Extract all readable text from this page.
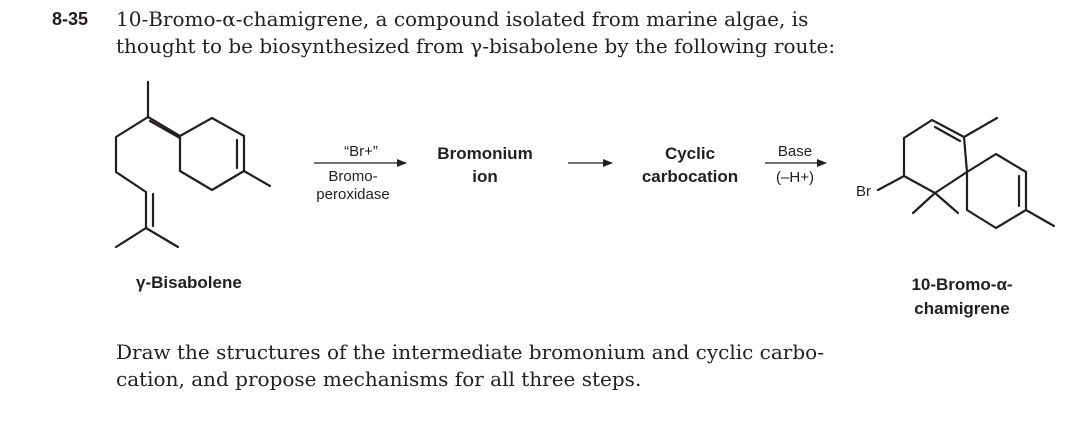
8-35 10-Bromo-α-chamigrene, a compound isolated from marine algae, is
thought to be biosynthesized from γ-bisabolene by the following route:

γ-Bisabolene
“Br+”
Bromo-
peroxidase
Bromonium
ion
Cyclic
carbocation
Base
(–H+)
Br
10-Bromo-α-
chamigrene

Draw the structures of the intermediate bromonium and cyclic carbo-
cation, and propose mechanisms for all three steps.
